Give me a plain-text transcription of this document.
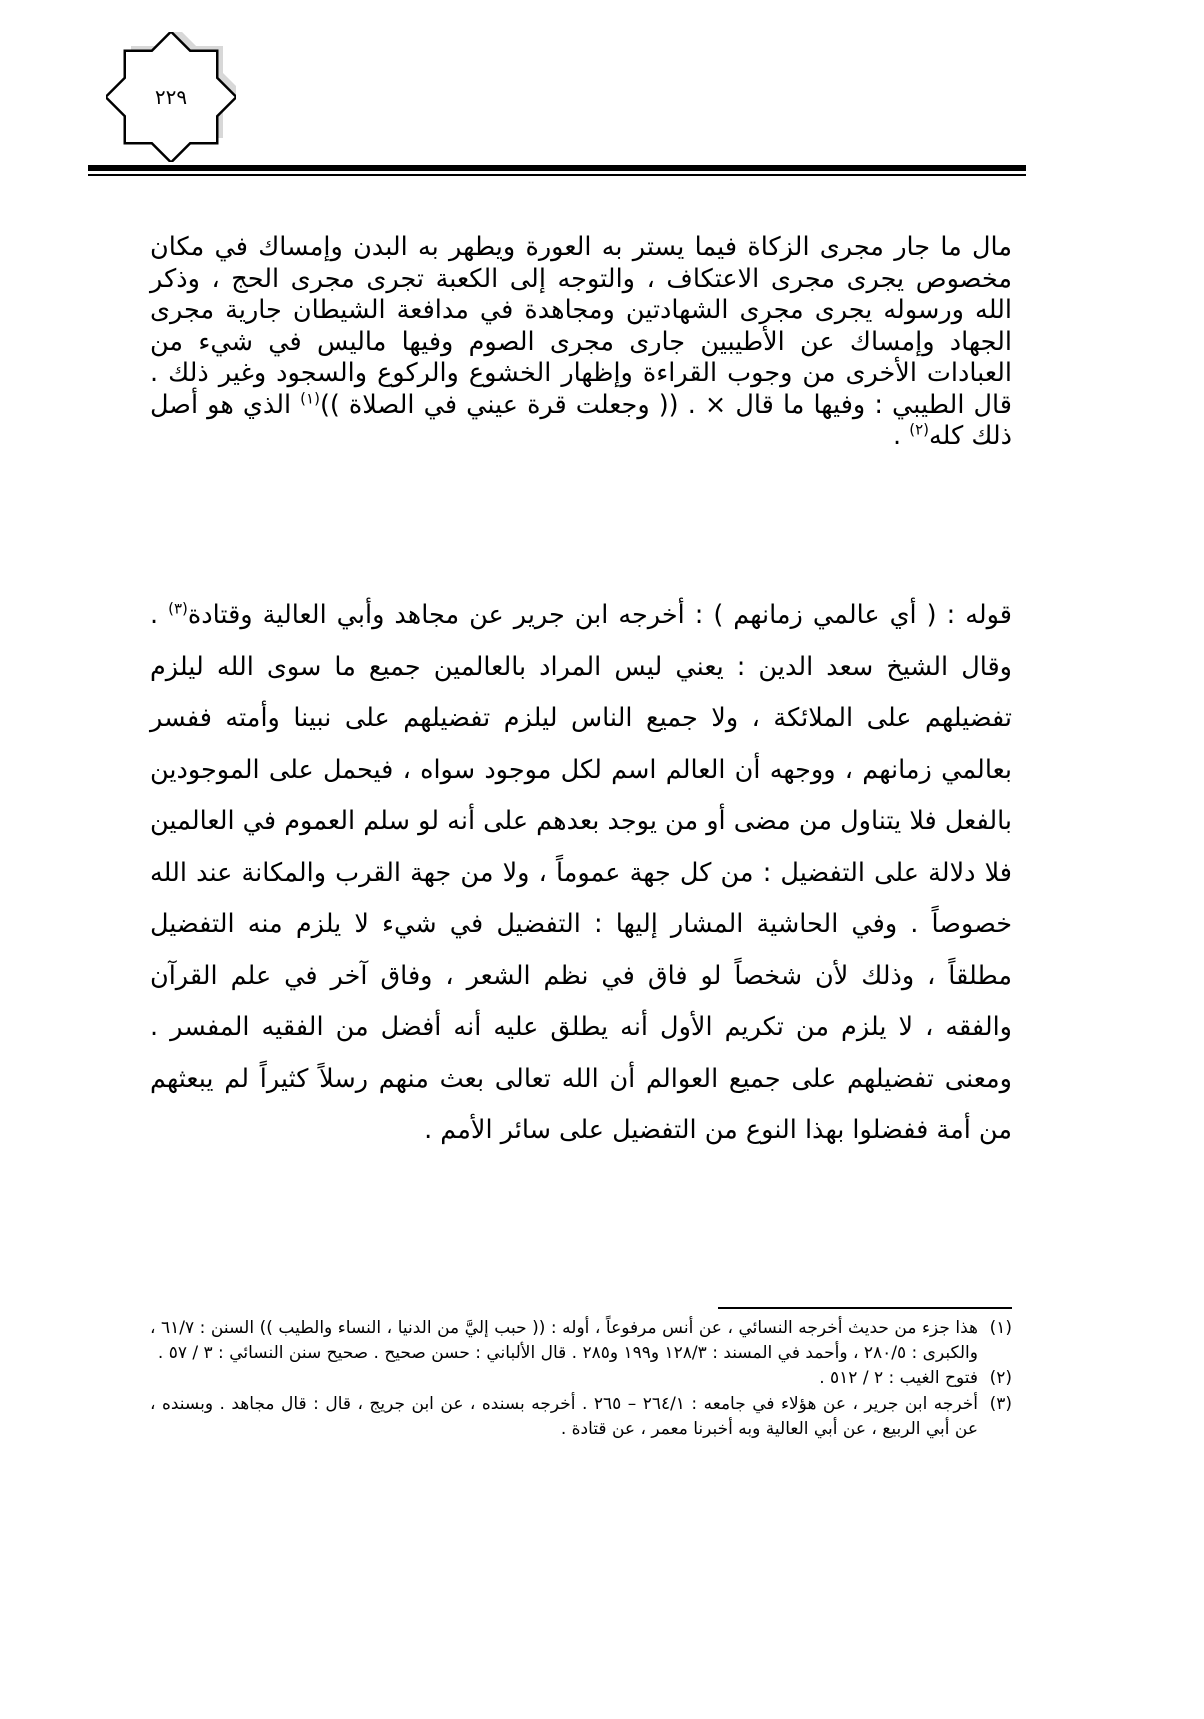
٢٢٩
مال ما جار مجرى الزكاة فيما يستر به العورة ويطهر به البدن وإمساك في مكان مخصوص يجرى مجرى الاعتكاف ، والتوجه إلى الكعبة تجرى مجرى الحج ، وذكر الله ورسوله يجرى مجرى الشهادتين ومجاهدة في مدافعة الشيطان جارية مجرى الجهاد وإمساك عن الأطيبين جارى مجرى الصوم وفيها ماليس في شيء من العبادات الأخرى من وجوب القراءة وإظهار الخشوع والركوع والسجود وغير ذلك . قال الطيبي : وفيها ما قال × . (( وجعلت قرة عيني في الصلاة ))$^{(١)}$ الذي هو أصل ذلك كله$^{(٢)}$ .
قوله : ( أي عالمي زمانهم ) : أخرجه ابن جرير عن مجاهد وأبي العالية وقتادة$^{(٣)}$ . وقال الشيخ سعد الدين : يعني ليس المراد بالعالمين جميع ما سوى الله ليلزم تفضيلهم على الملائكة ، ولا جميع الناس ليلزم تفضيلهم على نبينا وأمته ففسر بعالمي زمانهم ، ووجهه أن العالم اسم لكل موجود سواه ، فيحمل على الموجودين بالفعل فلا يتناول من مضى أو من يوجد بعدهم على أنه لو سلم العموم في العالمين فلا دلالة على التفضيل : من كل جهة عموماً ، ولا من جهة القرب والمكانة عند الله خصوصاً . وفي الحاشية المشار إليها : التفضيل في شيء لا يلزم منه التفضيل مطلقاً ، وذلك لأن شخصاً لو فاق في نظم الشعر ، وفاق آخر في علم القرآن والفقه ، لا يلزم من تكريم الأول أنه يطلق عليه أنه أفضل من الفقيه المفسر . ومعنى تفضيلهم على جميع العوالم أن الله تعالى بعث منهم رسلاً كثيراً لم يبعثهم من أمة ففضلوا بهذا النوع من التفضيل على سائر الأمم .
(١)
هذا جزء من حديث أخرجه النسائي ، عن أنس مرفوعاً ، أوله : (( حبب إليَّ من الدنيا ، النساء والطيب )) السنن : ٦١/٧ ، والكبرى : ٢٨٠/٥ ، وأحمد في المسند : ١٢٨/٣ و١٩٩ و٢٨٥ . قال الألباني : حسن صحيح . صحيح سنن النسائي : ٣ / ٥٧ .
(٢)
فتوح الغيب : ٢ / ٥١٢ .
(٣)
أخرجه ابن جرير ، عن هؤلاء في جامعه : ٢٦٤/١ – ٢٦٥ . أخرجه بسنده ، عن ابن جريج ، قال : قال مجاهد . وبسنده ، عن أبي الربيع ، عن أبي العالية وبه أخبرنا معمر ، عن قتادة .
